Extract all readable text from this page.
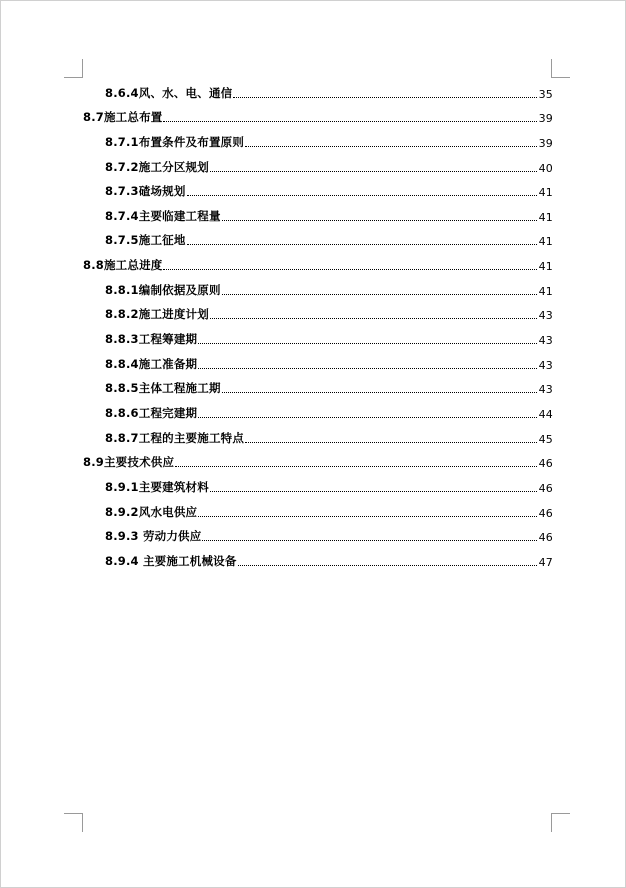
8.6.4风、水、电、通信	35
8.7施工总布置	39
8.7.1布置条件及布置原则	39
8.7.2施工分区规划	40
8.7.3碴场规划	41
8.7.4主要临建工程量	41
8.7.5施工征地	41
8.8施工总进度	41
8.8.1编制依据及原则	41
8.8.2施工进度计划	43
8.8.3工程筹建期	43
8.8.4施工准备期	43
8.8.5主体工程施工期	43
8.8.6工程完建期	44
8.8.7工程的主要施工特点	45
8.9主要技术供应	46
8.9.1主要建筑材料	46
8.9.2风水电供应	46
8.9.3 劳动力供应	46
8.9.4 主要施工机械设备	47
